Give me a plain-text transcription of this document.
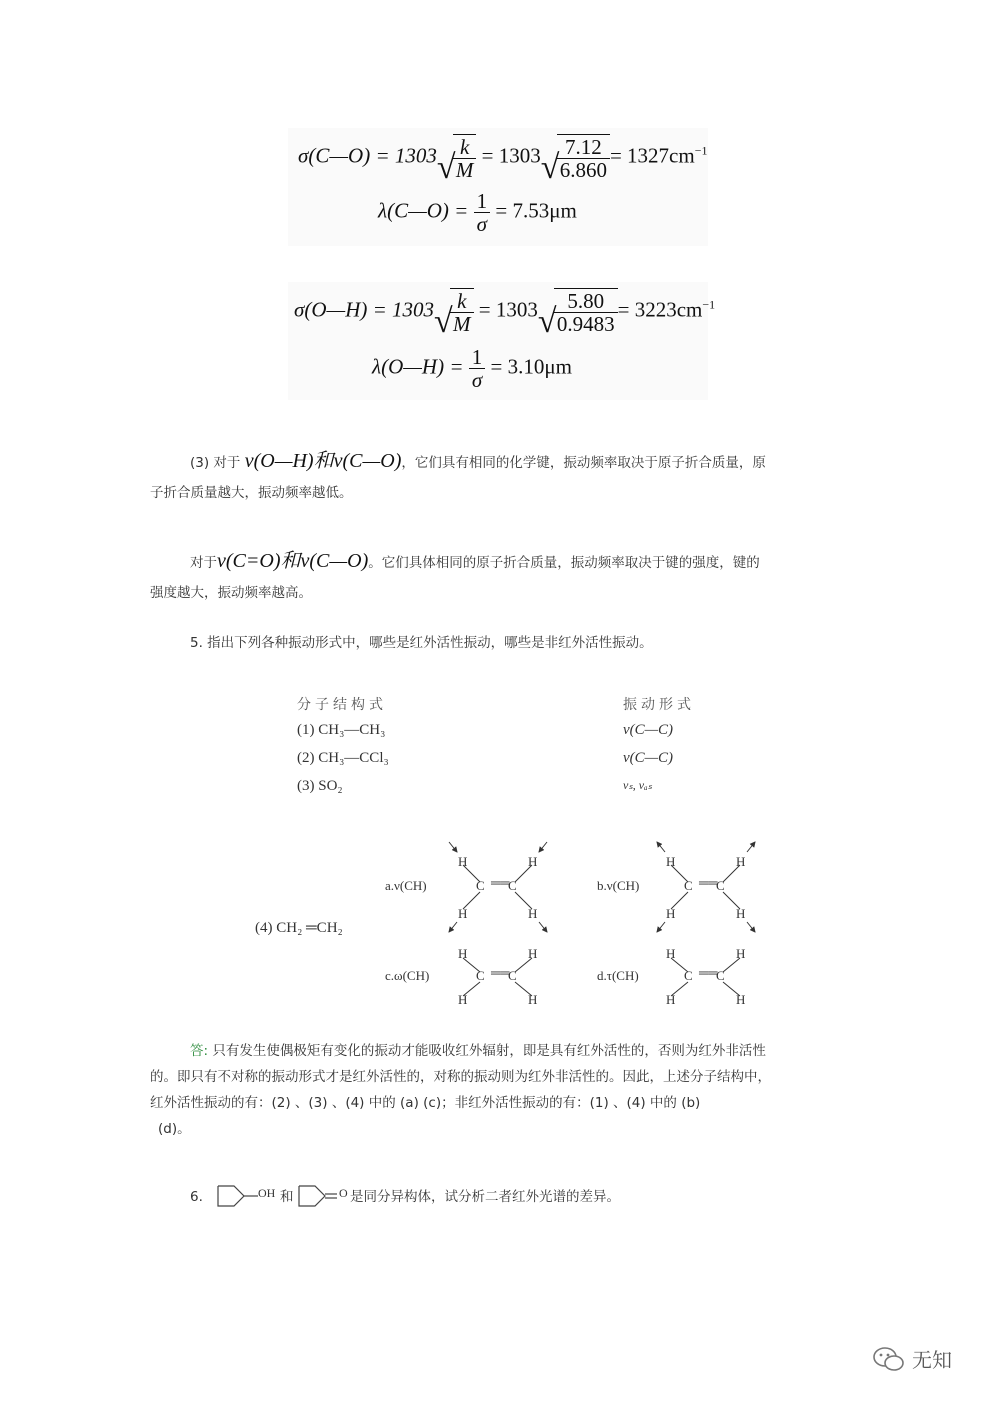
σ(C—O) = 1303 √ $\frac{k}{M} = 1303$ √ $\frac{7.12}{6.860} = 1327cm^{-1}$
λ(C—O) = $\frac{1}{\sigma} = 7.53\mu m$
σ(O—H) = 1303 √ $\frac{k}{M} = 1303$ √ $\frac{5.80}{0.9483} = 3223cm^{-1}$
λ(O—H) = $\frac{1}{\sigma} = 3.10\mu m$
(3) 对于 ν(O—H)和ν(C—O)，它们具有相同的化学键，振动频率取决于原子折合质量，原
子折合质量越大，振动频率越低。
对于ν(C=O)和ν(C—O)。它们具体相同的原子折合质量，振动频率取决于键的强度，键的
强度越大，振动频率越高。
5. 指出下列各种振动形式中，哪些是红外活性振动，哪些是非红外活性振动。
分子结构式	振动形式
(1) CH₃—CH₃	ν(C—C)
(2) CH₃—CCl₃	ν(C—C)
(3) SO₂	νₛ, νₐₛ
(4) CH₂ ═CH₂
a.ν(CH)
H	H
C ══
C
H	H
b.ν(CH)
H	H
C ══
C
H	H
c.ω(CH)
H	H
C ══
C
H	H
d.τ(CH)
H	H
C ══
C
H	H
答: 只有发生使偶极矩有变化的振动才能吸收红外辐射，即是具有红外活性的，否则为红外非活性
的。即只有不对称的振动形式才是红外活性的，对称的振动则为红外非活性的。因此，上述分子结构中，
红外活性振动的有：(2) 、(3) 、(4) 中的 (a) (c)；非红外活性振动的有：(1) 、(4) 中的 (b)
(d)。
6.	OH 和	O 是同分异构体，试分析二者红外光谱的差异。
无知
